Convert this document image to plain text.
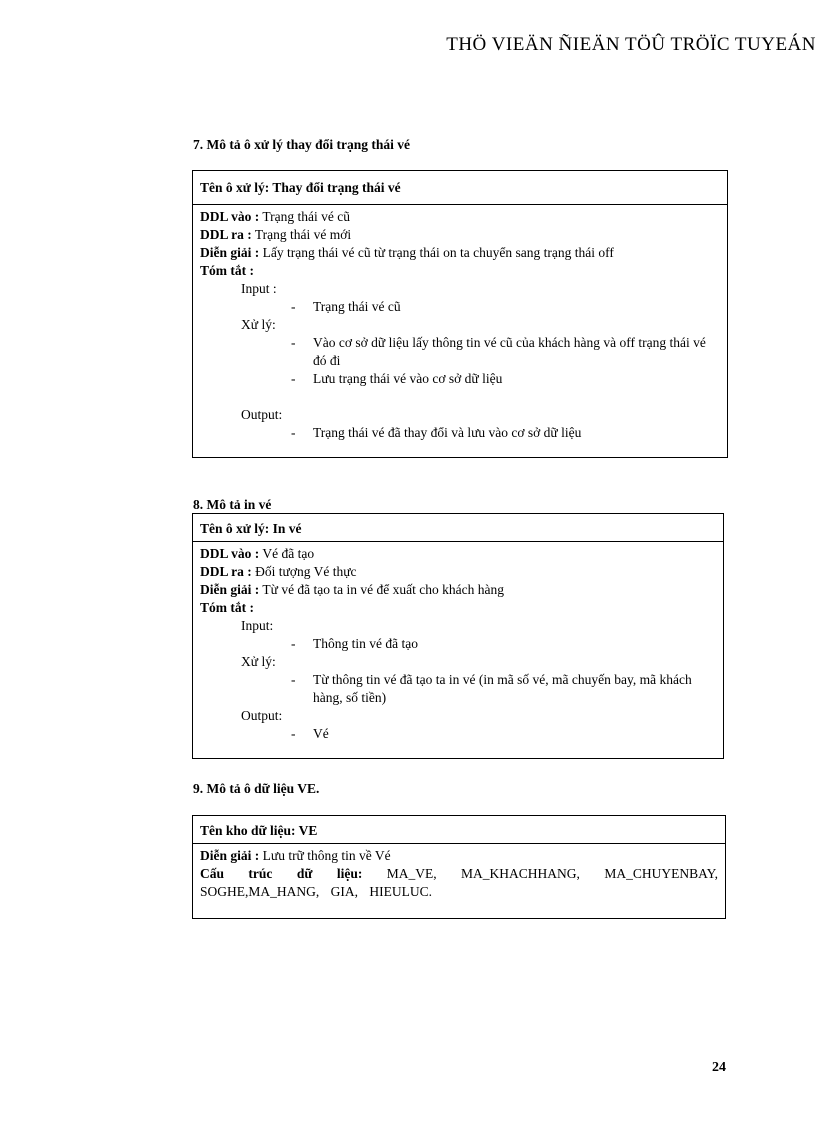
THÖ VIEÄN ÑIEÄN TÖÛ TRÖÏC TUYEÁN
7. Mô tả ô xử lý thay đổi trạng thái vé
Tên ô xử lý: Thay đổi trạng thái vé
DDL vào : Trạng thái vé cũ
DDL ra : Trạng thái vé mới
Diễn giải : Lấy trạng thái vé cũ từ trạng thái on ta chuyển sang trạng thái off
Tóm tắt :
Input :
- Trạng thái vé cũ
Xử lý:
- Vào cơ sở dữ liệu lấy thông tin vé cũ của khách hàng và off trạng thái vé đó đi
- Lưu trạng thái vé vào cơ sở dữ liệu
Output:
- Trạng thái vé đã thay đổi và lưu vào cơ sở dữ liệu
8. Mô tả in vé
Tên ô xử lý: In vé
DDL vào : Vé đã tạo
DDL ra : Đối tượng Vé thực
Diễn giải : Từ vé đã tạo ta in vé để xuất cho khách hàng
Tóm tắt :
Input:
- Thông tin vé đã tạo
Xử lý:
- Từ thông tin vé đã tạo ta in vé (in mã số vé, mã chuyến bay, mã khách hàng, số tiền)
Output:
- Vé
9. Mô tả ô dữ liệu VE.
Tên kho dữ liệu: VE
Diễn giải : Lưu trữ thông tin về Vé
Cấu trúc dữ liệu: MA_VE, MA_KHACHHANG, MA_CHUYENBAY, SOGHE,MA_HANG, GIA, HIEULUC.
24
